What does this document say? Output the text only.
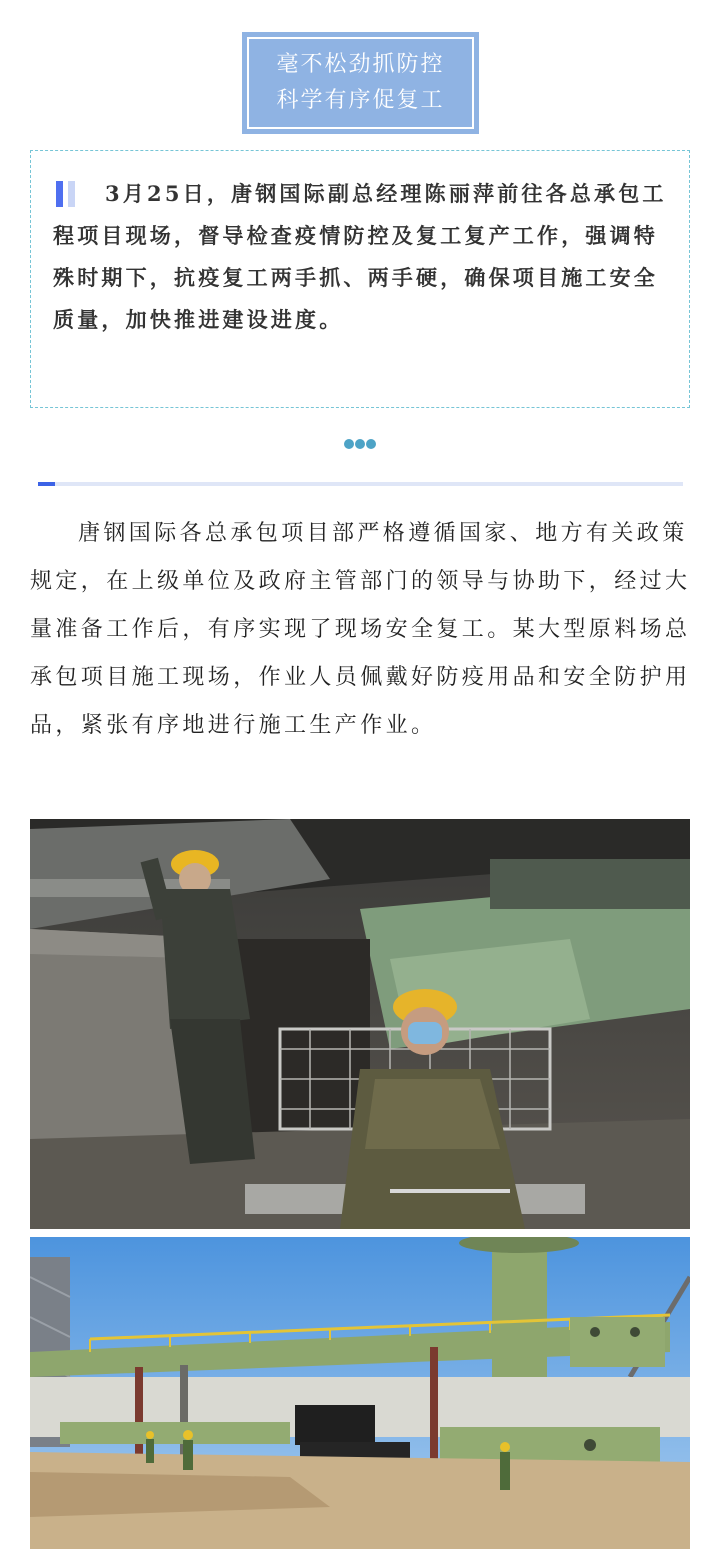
毫不松劲抓防控
科学有序促复工

3月25日，唐钢国际副总经理陈丽萍前往各总承包工程项目现场，督导检查疫情防控及复工复产工作，强调特殊时期下，抗疫复工两手抓、两手硬，确保项目施工安全质量，加快推进建设进度。

唐钢国际各总承包项目部严格遵循国家、地方有关政策规定，在上级单位及政府主管部门的领导与协助下，经过大量准备工作后，有序实现了现场安全复工。某大型原料场总承包项目施工现场，作业人员佩戴好防疫用品和安全防护用品，紧张有序地进行施工生产作业。
